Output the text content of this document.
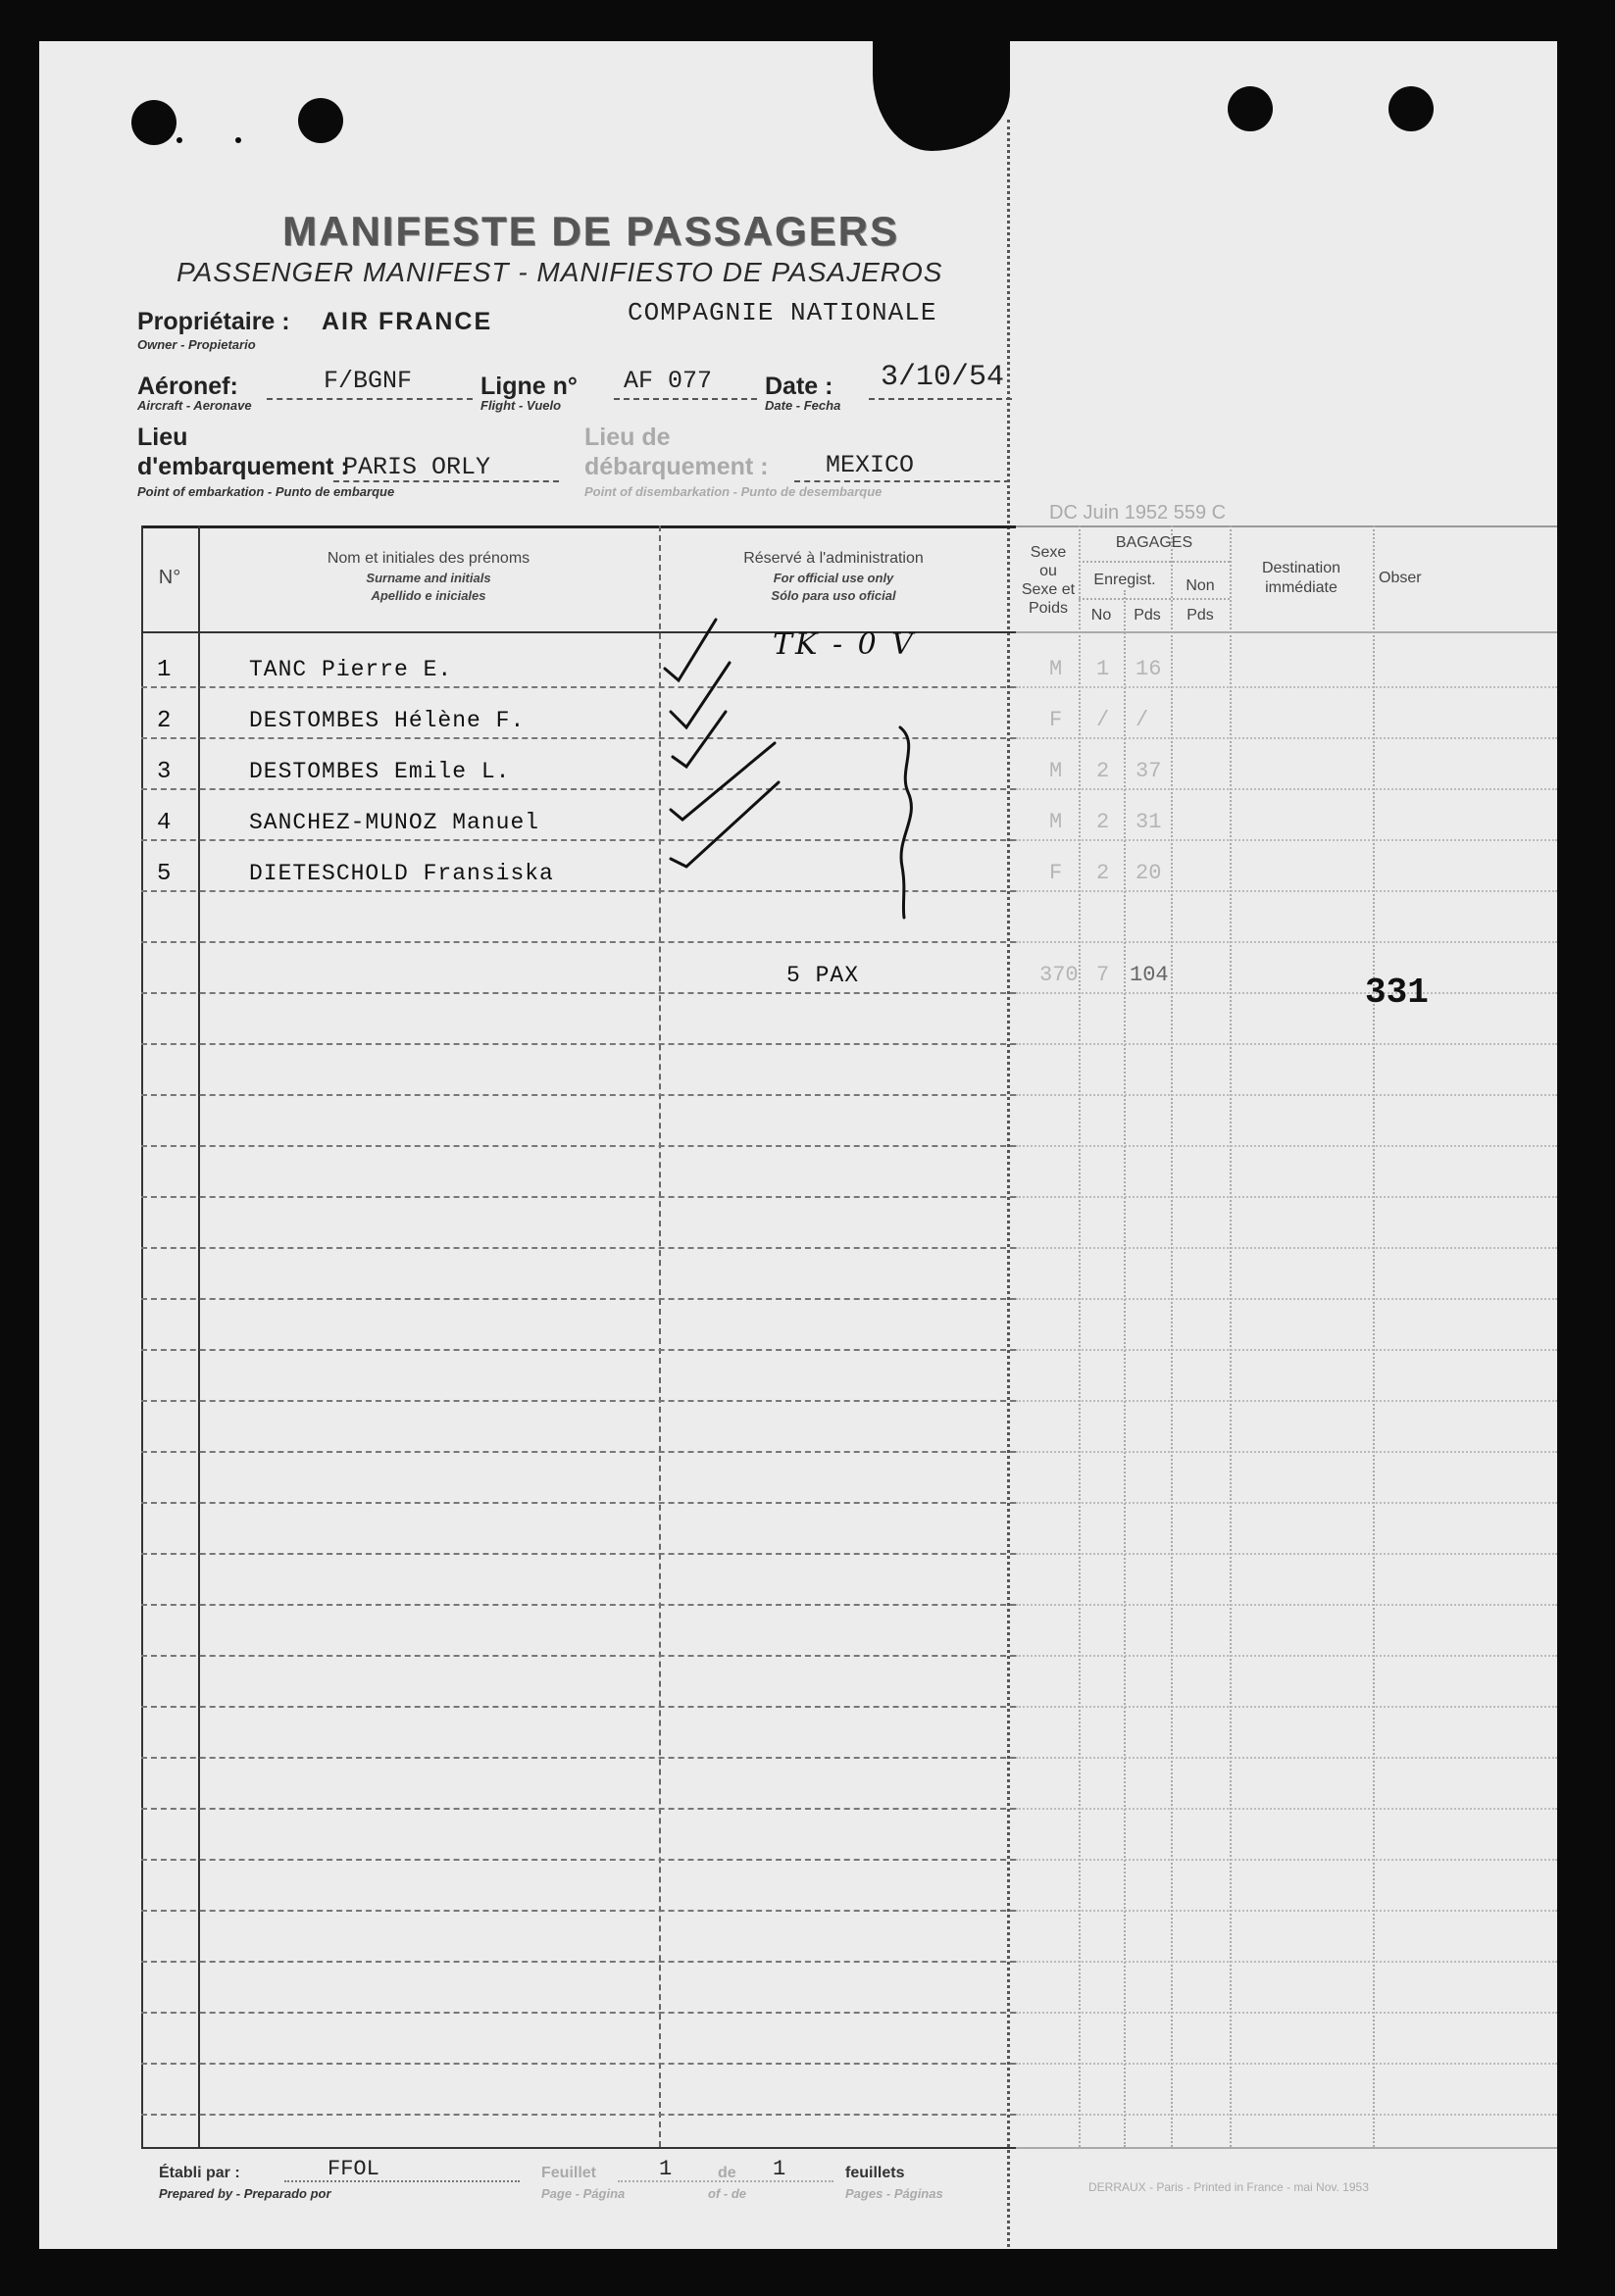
MANIFESTE DE PASSAGERS
PASSENGER MANIFEST - MANIFIESTO DE PASAJEROS
Propriétaire : AIR FRANCE	COMPAGNIE NATIONALE
Owner - Propietario
Aéronef:	F/BGNF
Aircraft - Aeronave
Ligne n° AF 077
Flight - Vuelo
Date : 3/10/54
Date - Fecha
Lieu
d'embarquement :
PARIS ORLY
Point of embarkation - Punto de embarque
Lieu de
débarquement : MEXICO
Point of disembarkation - Punto de desembarque
DC Juin 1952 559 C
N°
Nom et initiales des prénoms
Surname and initials
Apellido e iniciales
Réservé à l'administration
For official use only
Sólo para uso oficial
Sexe
ou
Sexe et
Poids
BAGAGES
Enregist.
No	Pds
Non
Pds
Destination
immédiate
Obser
1	TANC Pierre E.	M 1 16
2	DESTOMBES Hélène F.	F / /
3	DESTOMBES Emile L.	M 2 37
4	SANCHEZ-MUNOZ Manuel	M 2 31
5	DIETESCHOLD Fransiska	F 2 20
TK - 0 V
5 PAX	370 7 104	331
Établi par :	FFOL
Prepared by - Preparado por
Feuillet	1	de 1	feuillets
Page - Página	of - de	Pages - Páginas	DERRAUX - Paris - Printed in France - mai Nov. 1953
